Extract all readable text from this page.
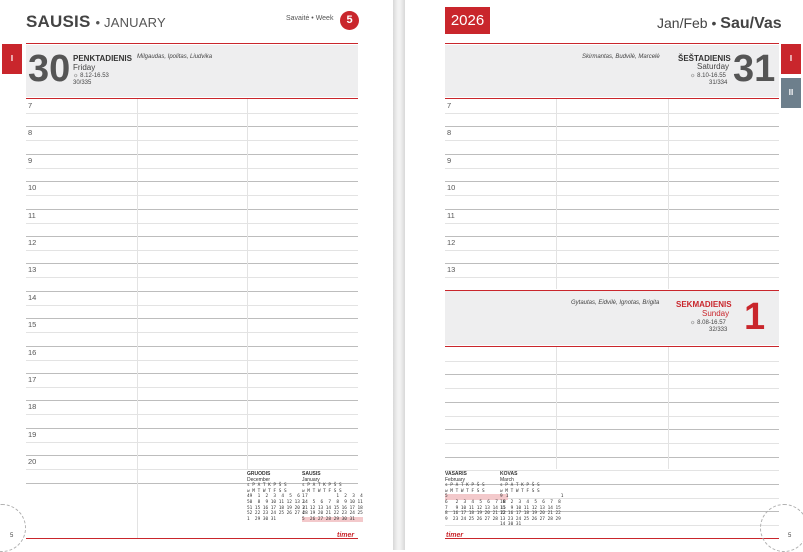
SAUSIS • JANUARY	Savaitė • Week	5
I 30 PENKTADIENIS
Friday
☼ 8.12-16.53
30/335
Milgaudas, Ipolitas, Liudvika
7
8
9
10
11
12
13
14
15
16
17
18
19
20
GRUODIS
December
s P A T K P Š S
w M T W T F S S
49  1  2  3  4  5  6  7
50  8  9 10 11 12 13 14
51 15 16 17 18 19 20 21
52 22 23 24 25 26 27 28
1  29 30 31
SAUSIS
January
s P A T K P Š S
w M T W T F S S
1            1  2  3  4
2   5  6  7  8  9 10 11
3  12 13 14 15 16 17 18
4  19 20 21 22 23 24 25
5  26 27 28 29 30 31
5	timer
2026	Jan/Feb • Sau/Vas
I
II
Skirmantas, Budvilė, Marcelė ŠEŠTADIENIS
Saturday
☼ 8.10-16.55
31/334 31
7
8
9
10
11
12
13
Gytautas, Eidvilė, Ignotas, Brigita SEKMADIENIS
Sunday
☼ 8.08-16.57
32/333 1
VASARIS
February
s P A T K P Š S
w M T W T F S S
5                      1
6   2  3  4  5  6  7  8
7   9 10 11 12 13 14 15
8  16 17 18 19 20 21 22
9  23 24 25 26 27 28
KOVAS
March
s P A T K P Š S
w M T W T F S S
9                      1
10  2  3  4  5  6  7  8
11  9 10 11 12 13 14 15
12 16 17 18 19 20 21 22
13 23 24 25 26 27 28 29
14 30 31
timer	5
